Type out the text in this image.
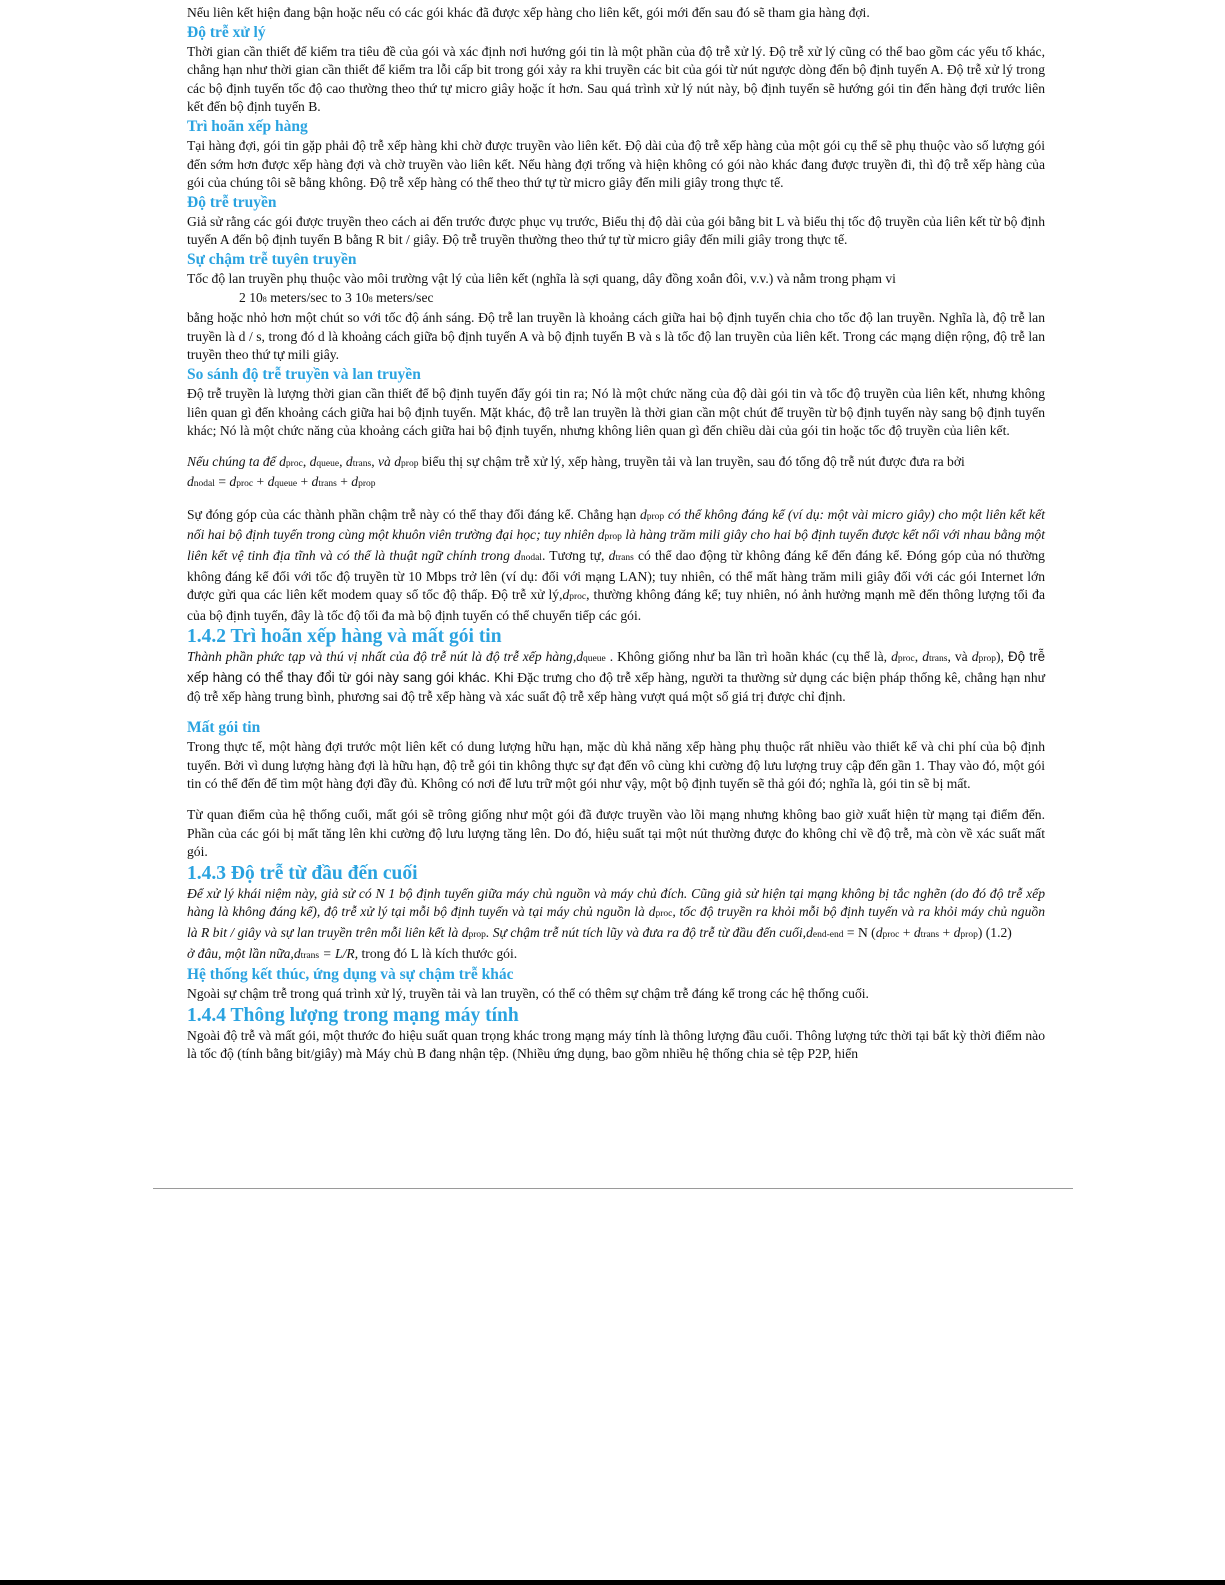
Nếu liên kết hiện đang bận hoặc nếu có các gói khác đã được xếp hàng cho liên kết, gói mới đến sau đó sẽ tham gia hàng đợi.

Độ trễ xử lý

Thời gian cần thiết để kiểm tra tiêu đề của gói và xác định nơi hướng gói tin là một phần của độ trễ xử lý. Độ trễ xử lý cũng có thể bao gồm các yếu tố khác, chẳng hạn như thời gian cần thiết để kiểm tra lỗi cấp bit trong gói xảy ra khi truyền các bit của gói từ nút ngược dòng đến bộ định tuyến A. Độ trễ xử lý trong các bộ định tuyến tốc độ cao thường theo thứ tự micro giây hoặc ít hơn. Sau quá trình xử lý nút này, bộ định tuyến sẽ hướng gói tin đến hàng đợi trước liên kết đến bộ định tuyến B.

Trì hoãn xếp hàng

Tại hàng đợi, gói tin gặp phải độ trễ xếp hàng khi chờ được truyền vào liên kết. Độ dài của độ trễ xếp hàng của một gói cụ thể sẽ phụ thuộc vào số lượng gói đến sớm hơn được xếp hàng đợi và chờ truyền vào liên kết. Nếu hàng đợi trống và hiện không có gói nào khác đang được truyền đi, thì độ trễ xếp hàng của gói của chúng tôi sẽ bằng không. Độ trễ xếp hàng có thể theo thứ tự từ micro giây đến mili giây trong thực tế.

Độ trễ truyền

Giả sử rằng các gói được truyền theo cách ai đến trước được phục vụ trước, Biểu thị độ dài của gói bằng bit L và biểu thị tốc độ truyền của liên kết từ bộ định tuyến A đến bộ định tuyến B bằng R bit / giây. Độ trễ truyền thường theo thứ tự từ micro giây đến mili giây trong thực tế.

Sự chậm trễ tuyên truyền

Tốc độ lan truyền phụ thuộc vào môi trường vật lý của liên kết (nghĩa là sợi quang, dây đồng xoắn đôi, v.v.) và nằm trong phạm vi

2 108 meters/sec to 3 108 meters/sec

bằng hoặc nhỏ hơn một chút so với tốc độ ánh sáng. Độ trễ lan truyền là khoảng cách giữa hai bộ định tuyến chia cho tốc độ lan truyền. Nghĩa là, độ trễ lan truyền là d / s, trong đó d là khoảng cách giữa bộ định tuyến A và bộ định tuyến B và s là tốc độ lan truyền của liên kết. Trong các mạng diện rộng, độ trễ lan truyền theo thứ tự mili giây.

So sánh độ trễ truyền và lan truyền

Độ trễ truyền là lượng thời gian cần thiết để bộ định tuyến đẩy gói tin ra; Nó là một chức năng của độ dài gói tin và tốc độ truyền của liên kết, nhưng không liên quan gì đến khoảng cách giữa hai bộ định tuyến. Mặt khác, độ trễ lan truyền là thời gian cần một chút để truyền từ bộ định tuyến này sang bộ định tuyến khác; Nó là một chức năng của khoảng cách giữa hai bộ định tuyến, nhưng không liên quan gì đến chiều dài của gói tin hoặc tốc độ truyền của liên kết.

Nếu chúng ta để dproc, dqueue, dtrans, và dprop biểu thị sự chậm trễ xử lý, xếp hàng, truyền tải và lan truyền, sau đó tổng độ trễ nút được đưa ra bởi

dnodal = dproc + dqueue + dtrans + dprop

Sự đóng góp của các thành phần chậm trễ này có thể thay đổi đáng kể. Chẳng hạn dprop có thể không đáng kể (ví dụ: một vài micro giây) cho một liên kết kết nối hai bộ định tuyến trong cùng một khuôn viên trường đại học; tuy nhiên dprop là hàng trăm mili giây cho hai bộ định tuyến được kết nối với nhau bằng một liên kết vệ tinh địa tĩnh và có thể là thuật ngữ chính trong dnodal. Tương tự, dtrans có thể dao động từ không đáng kể đến đáng kể. Đóng góp của nó thường không đáng kể đối với tốc độ truyền từ 10 Mbps trở lên (ví dụ: đối với mạng LAN); tuy nhiên, có thể mất hàng trăm mili giây đối với các gói Internet lớn được gửi qua các liên kết modem quay số tốc độ thấp. Độ trễ xử lý,dproc, thường không đáng kể; tuy nhiên, nó ảnh hưởng mạnh mẽ đến thông lượng tối đa của bộ định tuyến, đây là tốc độ tối đa mà bộ định tuyến có thể chuyển tiếp các gói.

1.4.2 Trì hoãn xếp hàng và mất gói tin

Thành phần phức tạp và thú vị nhất của độ trễ nút là độ trễ xếp hàng,dqueue . Không giống như ba lần trì hoãn khác (cụ thể là, dproc, dtrans, và dprop), Độ trễ xếp hàng có thể thay đổi từ gói này sang gói khác. Khi Đặc trưng cho độ trễ xếp hàng, người ta thường sử dụng các biện pháp thống kê, chẳng hạn như độ trễ xếp hàng trung bình, phương sai độ trễ xếp hàng và xác suất độ trễ xếp hàng vượt quá một số giá trị được chỉ định.

Mất gói tin

Trong thực tế, một hàng đợi trước một liên kết có dung lượng hữu hạn, mặc dù khả năng xếp hàng phụ thuộc rất nhiều vào thiết kế và chi phí của bộ định tuyến. Bởi vì dung lượng hàng đợi là hữu hạn, độ trễ gói tin không thực sự đạt đến vô cùng khi cường độ lưu lượng truy cập đến gần 1. Thay vào đó, một gói tin có thể đến để tìm một hàng đợi đầy đủ. Không có nơi để lưu trữ một gói như vậy, một bộ định tuyến sẽ thả gói đó; nghĩa là, gói tin sẽ bị mất.

Từ quan điểm của hệ thống cuối, mất gói sẽ trông giống như một gói đã được truyền vào lõi mạng nhưng không bao giờ xuất hiện từ mạng tại điểm đến. Phần của các gói bị mất tăng lên khi cường độ lưu lượng tăng lên. Do đó, hiệu suất tại một nút thường được đo không chỉ về độ trễ, mà còn về xác suất mất gói.

1.4.3 Độ trễ từ đầu đến cuối

Để xử lý khái niệm này, giả sử có N 1 bộ định tuyến giữa máy chủ nguồn và máy chủ đích. Cũng giả sử hiện tại mạng không bị tắc nghẽn (do đó độ trễ xếp hàng là không đáng kể), độ trễ xử lý tại mỗi bộ định tuyến và tại máy chủ nguồn là dproc, tốc độ truyền ra khỏi mỗi bộ định tuyến và ra khỏi máy chủ nguồn là R bit / giây và sự lan truyền trên mỗi liên kết là dprop. Sự chậm trễ nút tích lũy và đưa ra độ trễ từ đầu đến cuối,dend-end = N (dproc + dtrans + dprop) (1.2)

ở đâu, một lần nữa,dtrans = L/R, trong đó L là kích thước gói.

Hệ thống kết thúc, ứng dụng và sự chậm trễ khác

Ngoài sự chậm trễ trong quá trình xử lý, truyền tải và lan truyền, có thể có thêm sự chậm trễ đáng kể trong các hệ thống cuối.

1.4.4 Thông lượng trong mạng máy tính

Ngoài độ trễ và mất gói, một thước đo hiệu suất quan trọng khác trong mạng máy tính là thông lượng đầu cuối. Thông lượng tức thời tại bất kỳ thời điểm nào là tốc độ (tính bằng bit/giây) mà Máy chủ B đang nhận tệp. (Nhiều ứng dụng, bao gồm nhiều hệ thống chia sẻ tệp P2P, hiển
